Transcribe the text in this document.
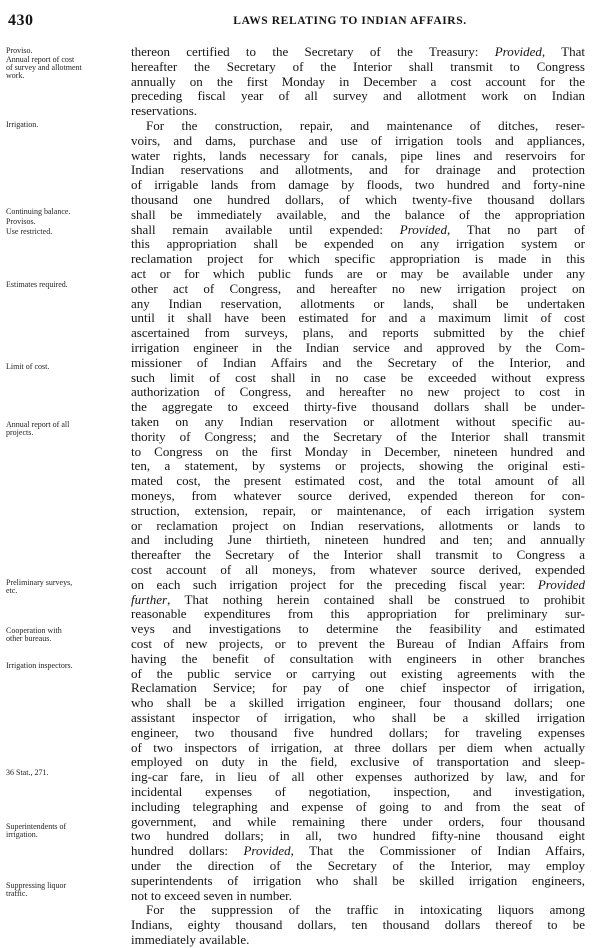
430	LAWS RELATING TO INDIAN AFFAIRS.
Proviso.
Annual report of cost
of survey and allotment
work.
Irrigation.
Continuing balance.
Provisos.
Use restricted.
Estimates required.
Limit of cost.
Annual report of all
projects.
Preliminary surveys,
etc.
Cooperation with
other bureaus.
Irrigation inspectors.
36 Stat., 271.
Superintendents of
irrigation.
Suppressing liquor
traffic.
thereon certified to the Secretary of the Treasury: Provided, That
hereafter the Secretary of the Interior shall transmit to Congress
annually on the first Monday in December a cost account for the
preceding fiscal year of all survey and allotment work on Indian
reservations.
For the construction, repair, and maintenance of ditches, reser-
voirs, and dams, purchase and use of irrigation tools and appliances,
water rights, lands necessary for canals, pipe lines and reservoirs for
Indian reservations and allotments, and for drainage and protection
of irrigable lands from damage by floods, two hundred and forty-nine
thousand one hundred dollars, of which twenty-five thousand dollars
shall be immediately available, and the balance of the appropriation
shall remain available until expended: Provided, That no part of
this appropriation shall be expended on any irrigation system or
reclamation project for which specific appropriation is made in this
act or for which public funds are or may be available under any
other act of Congress, and hereafter no new irrigation project on
any Indian reservation, allotments or lands, shall be undertaken
until it shall have been estimated for and a maximum limit of cost
ascertained from surveys, plans, and reports submitted by the chief
irrigation engineer in the Indian service and approved by the Com-
missioner of Indian Affairs and the Secretary of the Interior, and
such limit of cost shall in no case be exceeded without express
authorization of Congress, and hereafter no new project to cost in
the aggregate to exceed thirty-five thousand dollars shall be under-
taken on any Indian reservation or allotment without specific au-
thority of Congress; and the Secretary of the Interior shall transmit
to Congress on the first Monday in December, nineteen hundred and
ten, a statement, by systems or projects, showing the original esti-
mated cost, the present estimated cost, and the total amount of all
moneys, from whatever source derived, expended thereon for con-
struction, extension, repair, or maintenance, of each irrigation system
or reclamation project on Indian reservations, allotments or lands to
and including June thirtieth, nineteen hundred and ten; and annually
thereafter the Secretary of the Interior shall transmit to Congress a
cost account of all moneys, from whatever source derived, expended
on each such irrigation project for the preceding fiscal year: Provided
further, That nothing herein contained shall be construed to prohibit
reasonable expenditures from this appropriation for preliminary sur-
veys and investigations to determine the feasibility and estimated
cost of new projects, or to prevent the Bureau of Indian Affairs from
having the benefit of consultation with engineers in other branches
of the public service or carrying out existing agreements with the
Reclamation Service; for pay of one chief inspector of irrigation,
who shall be a skilled irrigation engineer, four thousand dollars; one
assistant inspector of irrigation, who shall be a skilled irrigation
engineer, two thousand five hundred dollars; for traveling expenses
of two inspectors of irrigation, at three dollars per diem when actually
employed on duty in the field, exclusive of transportation and sleep-
ing-car fare, in lieu of all other expenses authorized by law, and for
incidental expenses of negotiation, inspection, and investigation,
including telegraphing and expense of going to and from the seat of
government, and while remaining there under orders, four thousand
two hundred dollars; in all, two hundred fifty-nine thousand eight
hundred dollars: Provided, That the Commissioner of Indian Affairs,
under the direction of the Secretary of the Interior, may employ
superintendents of irrigation who shall be skilled irrigation engineers,
not to exceed seven in number.
For the suppression of the traffic in intoxicating liquors among
Indians, eighty thousand dollars, ten thousand dollars thereof to be
immediately available.
